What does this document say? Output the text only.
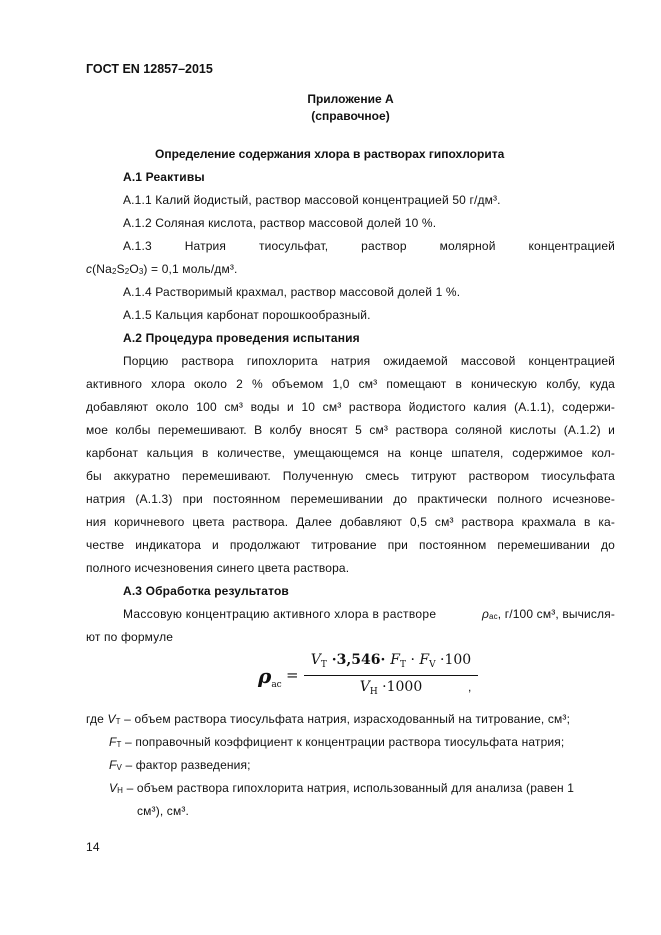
ГОСТ EN 12857–2015
Приложение А
(справочное)
Определение содержания хлора в растворах гипохлорита
А.1 Реактивы
А.1.1 Калий йодистый, раствор массовой концентрацией 50 г/дм³.
А.1.2 Соляная кислота, раствор массовой долей 10 %.
А.1.3 Натрия тиосульфат, раствор молярной концентрацией
$c(Na_2S_2O_3) = 0,1$ моль/дм³.
А.1.4 Растворимый крахмал, раствор массовой долей 1 %.
А.1.5 Кальция карбонат порошкообразный.
А.2 Процедура проведения испытания
Порцию раствора гипохлорита натрия ожидаемой массовой концентрацией
активного хлора около 2 % объемом 1,0 см³ помещают в коническую колбу, куда
добавляют около 100 см³ воды и 10 см³ раствора йодистого калия (А.1.1), содержи-
мое колбы перемешивают. В колбу вносят 5 см³ раствора соляной кислоты (А.1.2) и
карбонат кальция в количестве, умещающемся на конце шпателя, содержимое кол-
бы аккуратно перемешивают. Полученную смесь титруют раствором тиосульфата
натрия (А.1.3) при постоянном перемешивании до практически полного исчезнове-
ния коричневого цвета раствора. Далее добавляют 0,5 см³ раствора крахмала в ка-
честве индикатора и продолжают титрование при постоянном перемешивании до
полного исчезновения синего цвета раствора.
А.3 Обработка результатов
Массовую концентрацию активного хлора в растворе	$\rho_{ac}$, г/100 см³, вычисля-
ют по формуле
$\rho_{ac}$
=
$V_T \cdot 3,546\cdot F_T \cdot F_V \cdot 100$
$V_H \cdot 1000$	,
где $V_T$ – объем раствора тиосульфата натрия, израсходованный на титрование, см³;
$F_T$ – поправочный коэффициент к концентрации раствора тиосульфата натрия;
$F_V$ – фактор разведения;
$V_H$ – объем раствора гипохлорита натрия, использованный для анализа (равен 1
см³), см³.
14
